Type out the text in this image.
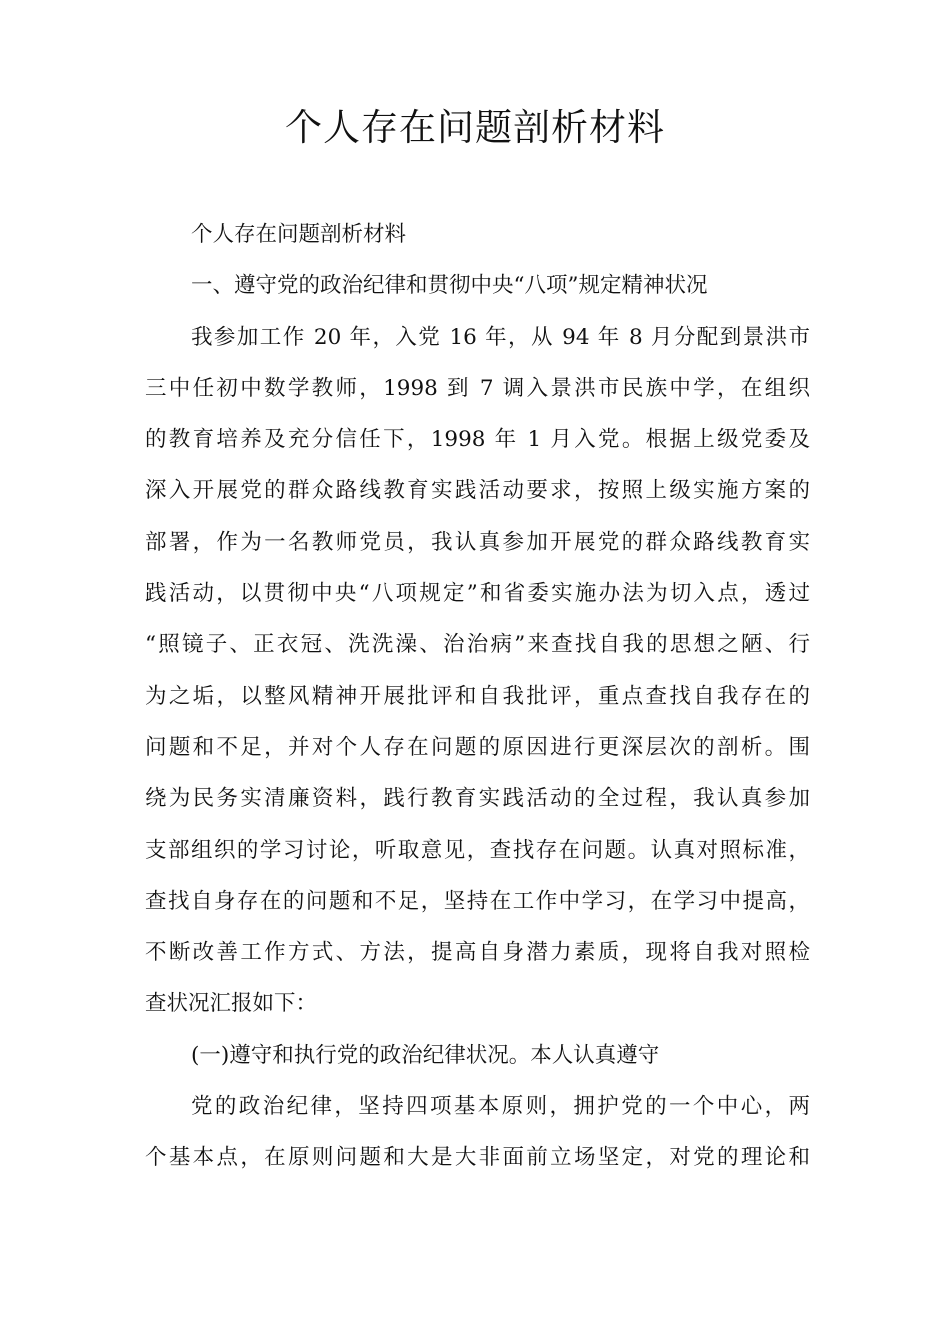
个人存在问题剖析材料
个人存在问题剖析材料
一、遵守党的政治纪律和贯彻中央“八项”规定精神状况
我参加工作 20 年，入党 16 年，从 94 年 8 月分配到景洪市
三中任初中数学教师，1998 到 7 调入景洪市民族中学，在组织
的教育培养及充分信任下，1998 年 1 月入党。根据上级党委及
深入开展党的群众路线教育实践活动要求，按照上级实施方案的
部署，作为一名教师党员，我认真参加开展党的群众路线教育实
践活动，以贯彻中央“八项规定”和省委实施办法为切入点，透过
“照镜子、正衣冠、洗洗澡、治治病”来查找自我的思想之陋、行
为之垢，以整风精神开展批评和自我批评，重点查找自我存在的
问题和不足，并对个人存在问题的原因进行更深层次的剖析。围
绕为民务实清廉资料，践行教育实践活动的全过程，我认真参加
支部组织的学习讨论，听取意见，查找存在问题。认真对照标准，
查找自身存在的问题和不足，坚持在工作中学习，在学习中提高，
不断改善工作方式、方法，提高自身潜力素质，现将自我对照检
查状况汇报如下：
(一)遵守和执行党的政治纪律状况。本人认真遵守
党的政治纪律，坚持四项基本原则，拥护党的一个中心，两
个基本点，在原则问题和大是大非面前立场坚定，对党的理论和
